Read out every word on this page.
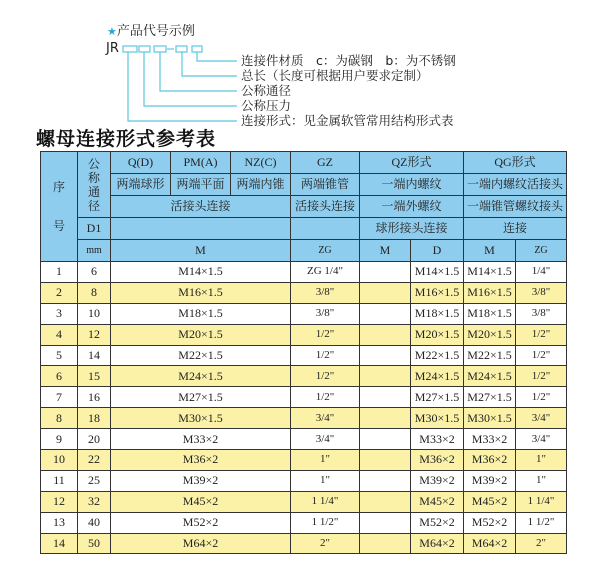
★产品代号示例
JR
连接件材质　c：为碳钢　b：为不锈钢
总长（长度可根据用户要求定制）
公称通径
公称压力
连接形式：见金属软管常用结构形式表
螺母连接形式参考表
序

号	公
称
通
径	Q(D)	PM(A)	NZ(C)	GZ	QZ形式		QG形式	
		两端球形	两端平面	两端内锥	两端锥管	一端内螺纹		一端内螺纹活接头	
		活接头连接			活接头连接	一端外螺纹		一端锥管螺纹接头	
	D1					球形接头连接		连接	
	mm	M			ZG	M	D	M	ZG
1	6	M14×1.5			ZG 1/4"		M14×1.5	M14×1.5	1/4"
2	8	M16×1.5			3/8"		M16×1.5	M16×1.5	3/8"
3	10	M18×1.5			3/8"		M18×1.5	M18×1.5	3/8"
4	12	M20×1.5			1/2"		M20×1.5	M20×1.5	1/2"
5	14	M22×1.5			1/2"		M22×1.5	M22×1.5	1/2"
6	15	M24×1.5			1/2"		M24×1.5	M24×1.5	1/2"
7	16	M27×1.5			1/2"		M27×1.5	M27×1.5	1/2"
8	18	M30×1.5			3/4"		M30×1.5	M30×1.5	3/4"
9	20	M33×2			3/4"		M33×2	M33×2	3/4"
10	22	M36×2			1"		M36×2	M36×2	1"
11	25	M39×2			1"		M39×2	M39×2	1"
12	32	M45×2			1 1/4"		M45×2	M45×2	1 1/4"
13	40	M52×2			1 1/2"		M52×2	M52×2	1 1/2"
14	50	M64×2			2"		M64×2	M64×2	2"
